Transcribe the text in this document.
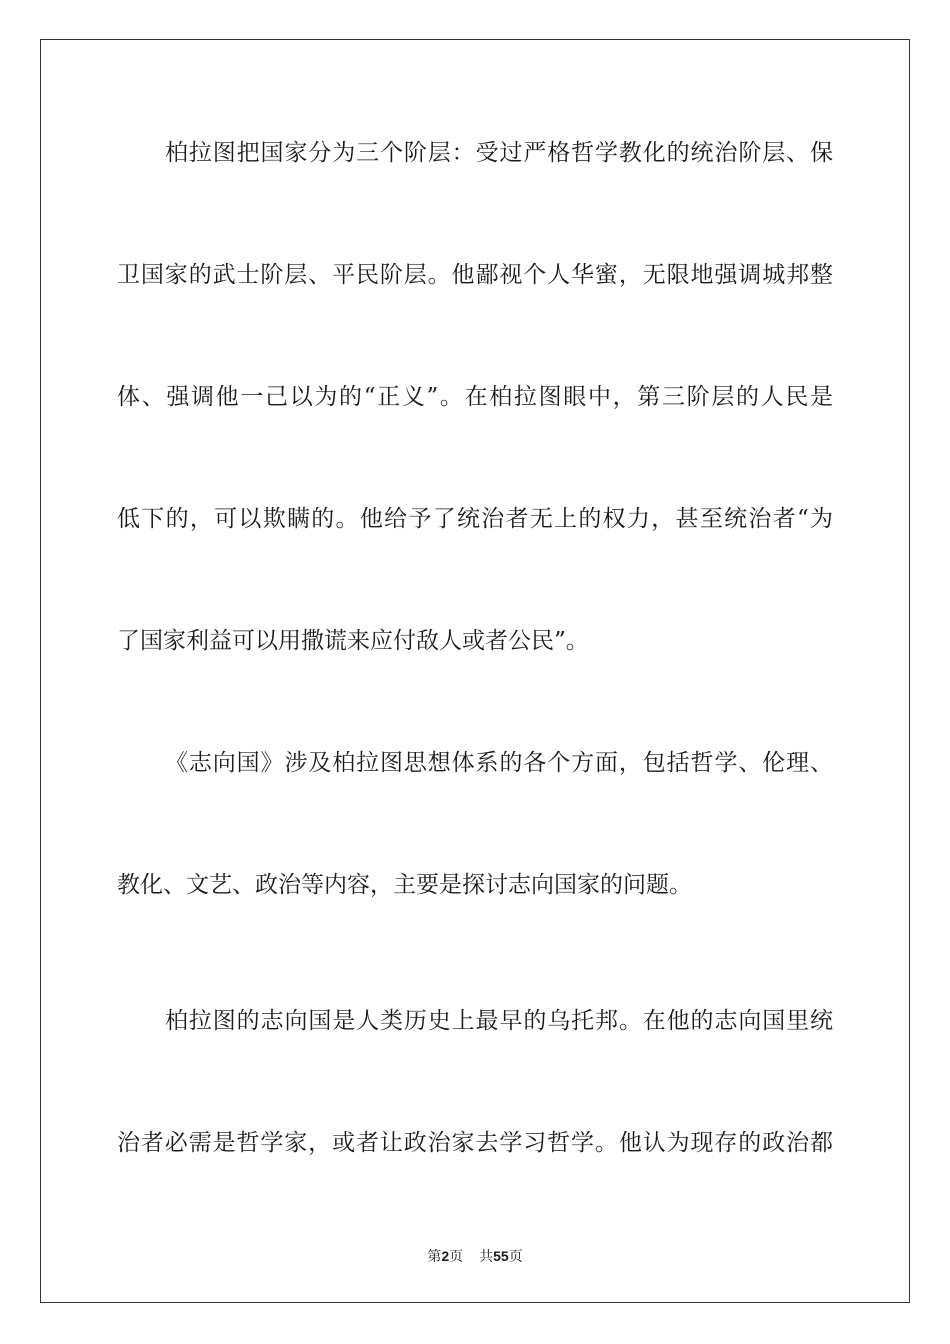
柏拉图把国家分为三个阶层：受过严格哲学教化的统治阶层、保
卫国家的武士阶层、平民阶层。他鄙视个人华蜜，无限地强调城邦整
体、强调他一己以为的“正义”。在柏拉图眼中，第三阶层的人民是
低下的，可以欺瞒的。他给予了统治者无上的权力，甚至统治者“为
了国家利益可以用撒谎来应付敌人或者公民”。
《志向国》涉及柏拉图思想体系的各个方面，包括哲学、伦理、
教化、文艺、政治等内容，主要是探讨志向国家的问题。
柏拉图的志向国是人类历史上最早的乌托邦。在他的志向国里统
治者必需是哲学家，或者让政治家去学习哲学。他认为现存的政治都
第2页 共55页
